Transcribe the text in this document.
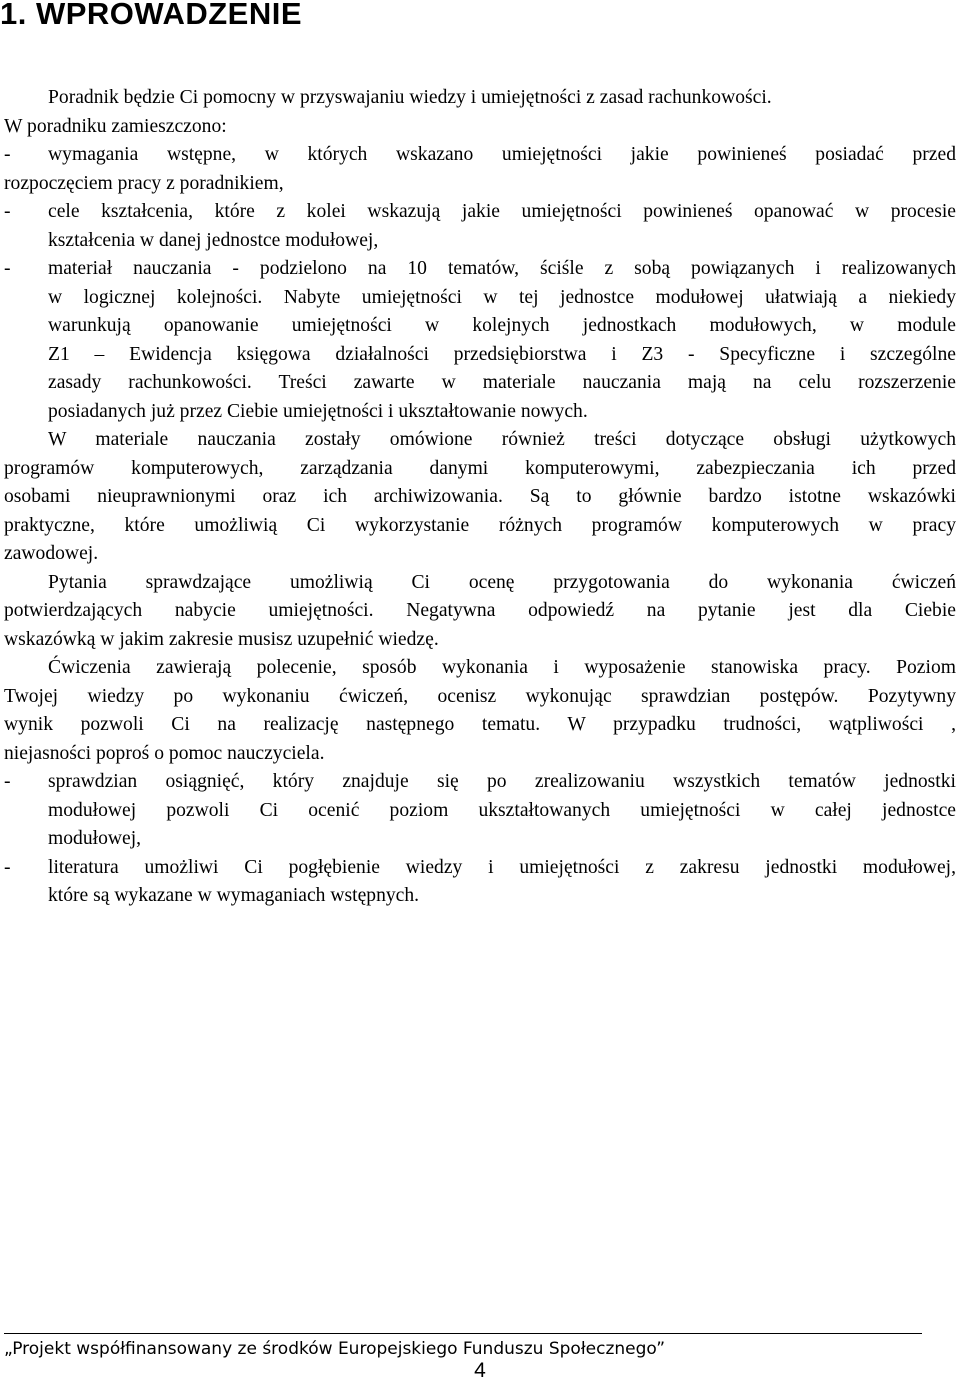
1. WPROWADZENIE
Poradnik będzie Ci pomocny w przyswajaniu wiedzy i umiejętności z zasad rachunkowości.
W poradniku zamieszczono:
- wymagania wstępne, w których wskazano umiejętności jakie powinieneś posiadać przed
rozpoczęciem pracy z poradnikiem,
- cele kształcenia, które z kolei wskazują jakie umiejętności powinieneś opanować w procesie
kształcenia w danej jednostce modułowej,
- materiał nauczania - podzielono na 10 tematów, ściśle z sobą powiązanych i realizowanych
w logicznej kolejności. Nabyte umiejętności w tej jednostce modułowej ułatwiają a niekiedy
warunkują opanowanie umiejętności w kolejnych jednostkach modułowych, w module
Z1 – Ewidencja księgowa działalności przedsiębiorstwa i Z3 - Specyficzne i szczególne
zasady rachunkowości. Treści zawarte w materiale nauczania mają na celu rozszerzenie
posiadanych już przez Ciebie umiejętności i ukształtowanie nowych.
W materiale nauczania zostały omówione również treści dotyczące obsługi użytkowych
programów komputerowych, zarządzania danymi komputerowymi, zabezpieczania ich przed
osobami nieuprawnionymi oraz ich archiwizowania. Są to głównie bardzo istotne wskazówki
praktyczne, które umożliwią Ci wykorzystanie różnych programów komputerowych w pracy
zawodowej.
Pytania sprawdzające umożliwią Ci ocenę przygotowania do wykonania ćwiczeń
potwierdzających nabycie umiejętności. Negatywna odpowiedź na pytanie jest dla Ciebie
wskazówką w jakim zakresie musisz uzupełnić wiedzę.
Ćwiczenia zawierają polecenie, sposób wykonania i wyposażenie stanowiska pracy. Poziom
Twojej wiedzy po wykonaniu ćwiczeń, ocenisz wykonując sprawdzian postępów. Pozytywny
wynik pozwoli Ci na realizację następnego tematu. W przypadku trudności, wątpliwości ,
niejasności poproś o pomoc nauczyciela.
- sprawdzian osiągnięć, który znajduje się po zrealizowaniu wszystkich tematów jednostki
modułowej pozwoli Ci ocenić poziom ukształtowanych umiejętności w całej jednostce
modułowej,
- literatura umożliwi Ci pogłębienie wiedzy i umiejętności z zakresu jednostki modułowej,
które są wykazane w wymaganiach wstępnych.
„Projekt współfinansowany ze środków Europejskiego Funduszu Społecznego”
4
